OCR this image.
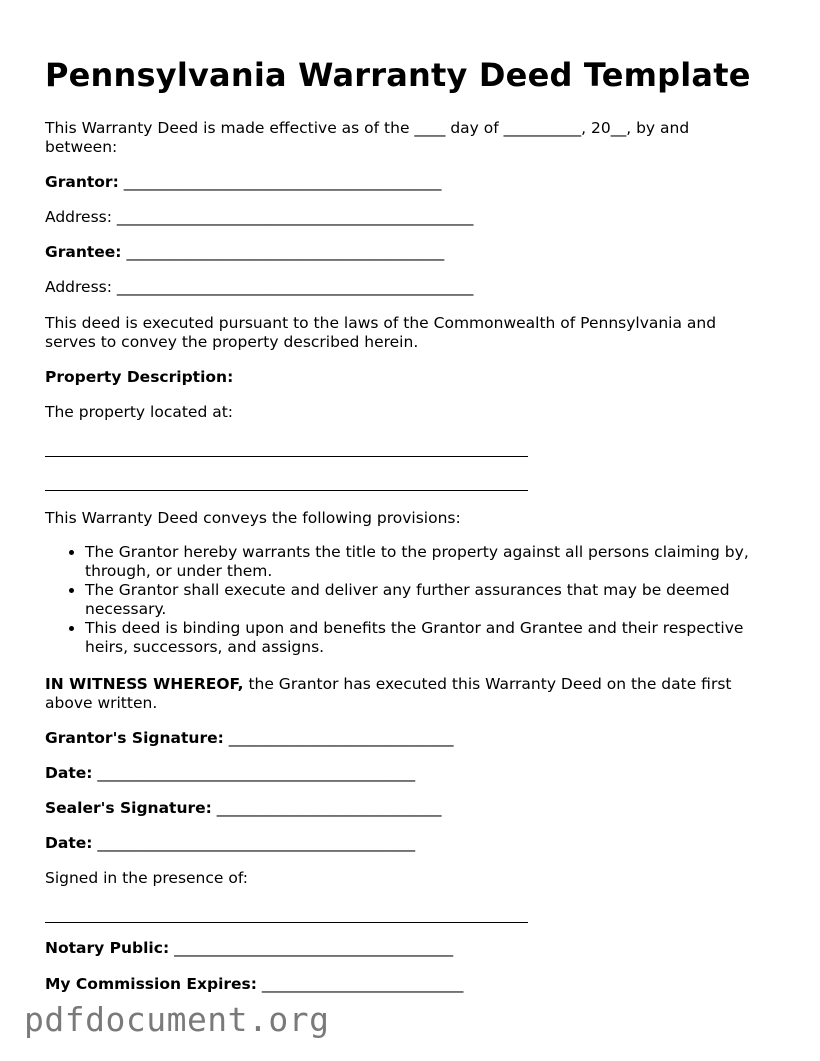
Pennsylvania Warranty Deed Template
This Warranty Deed is made effective as of the ____ day of __________, 20__, by and between:
Grantor: _________________________________________
Address: ______________________________________________
Grantee: _________________________________________
Address: ______________________________________________
This deed is executed pursuant to the laws of the Commonwealth of Pennsylvania and serves to convey the property described herein.
Property Description:
The property located at:
This Warranty Deed conveys the following provisions:
• The Grantor hereby warrants the title to the property against all persons claiming by, through, or under them.
• The Grantor shall execute and deliver any further assurances that may be deemed necessary.
• This deed is binding upon and benefits the Grantor and Grantee and their respective heirs, successors, and assigns.
IN WITNESS WHEREOF, the Grantor has executed this Warranty Deed on the date first above written.
Grantor's Signature: _____________________________
Date: _________________________________________
Sealer's Signature: _____________________________
Date: _________________________________________
Signed in the presence of:
Notary Public: ____________________________________
My Commission Expires: __________________________
pdfdocument.org
